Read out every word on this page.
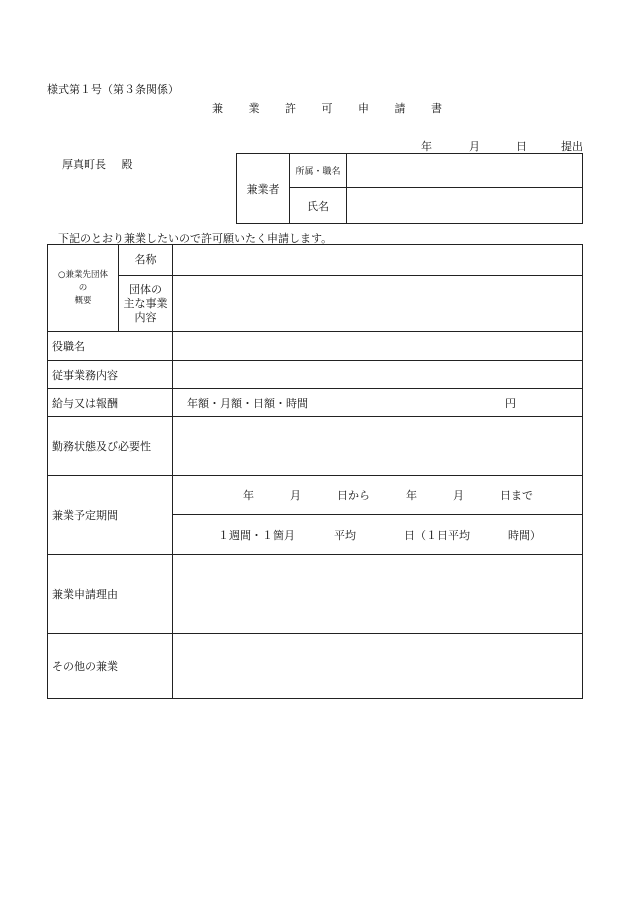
様式第１号（第３条関係）
兼 業 許 可 申 請 書
年	月	日	提出
厚真町長 殿
兼業者	所属・職名	
	氏名	
下記のとおり兼業したいので許可願いたく申請します。
○兼業先団体
の
概要	名称	

	団体の
主な事業
内容	

役職名		
従事業務内容		
給与又は報酬		年額・月額・日額・時間 円
勤務状態及び必要性		
兼業予定期間		年 月 日から 年 月 日まで
		１週間・１箇月 平均 日（１日平均 時間）
兼業申請理由		
その他の兼業		
